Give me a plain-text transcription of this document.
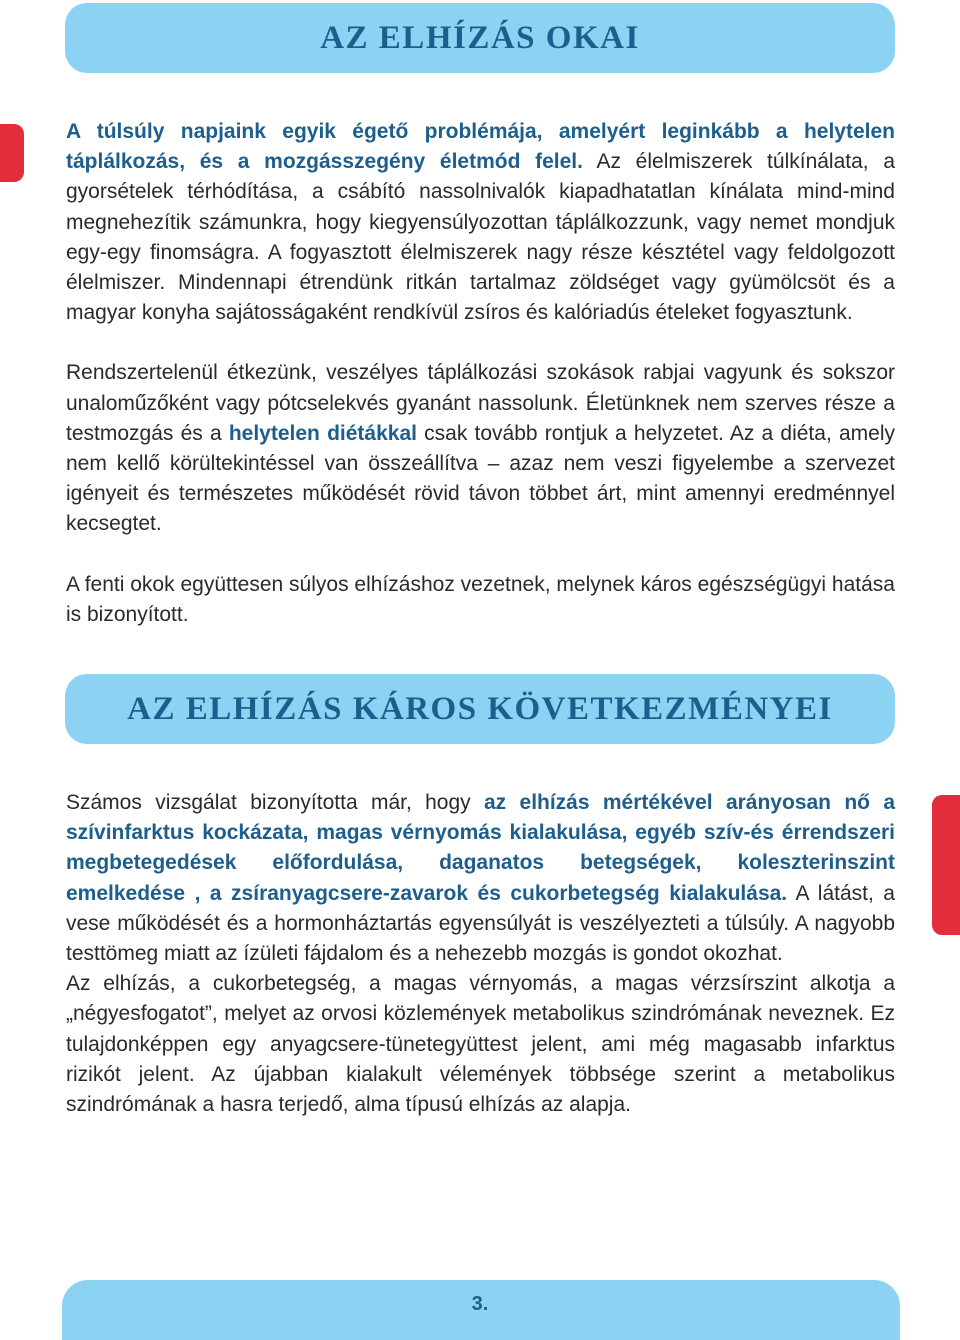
AZ ELHÍZÁS OKAI

A túlsúly napjaink egyik égető problémája, amelyért leginkább a helytelen táplálkozás, és a mozgásszegény életmód felel. Az élelmiszerek túlkínálata, a gyorsételek térhódítása, a csábító nassolnivalók kiapadhatatlan kínálata mind-mind megnehezítik számunkra, hogy kiegyensúlyozottan táplálkozzunk, vagy nemet mondjuk egy-egy finomságra. A fogyasztott élelmiszerek nagy része késztétel vagy feldolgozott élelmiszer. Mindennapi étrendünk ritkán tartalmaz zöldséget vagy gyümölcsöt és a magyar konyha sajátosságaként rendkívül zsíros és kalóriadús ételeket fogyasztunk.

Rendszertelenül étkezünk, veszélyes táplálkozási szokások rabjai vagyunk és sokszor unalomű̋zőként vagy pótcselekvés gyanánt nassolunk. Életünknek nem szerves része a testmozgás és a helytelen diétákkal csak tovább rontjuk a helyzetet. Az a diéta, amely nem kellő körültekintéssel van összeállítva – azaz nem veszi figyelembe a szervezet igényeit és természetes működését rövid távon többet árt, mint amennyi eredménnyel kecsegtet.

A fenti okok együttesen súlyos elhízáshoz vezetnek, melynek káros egészségügyi hatása is bizonyított.

AZ ELHÍZÁS KÁROS KÖVETKEZMÉNYEI

Számos vizsgálat bizonyította már, hogy az elhízás mértékével arányosan nő a szívinfarktus kockázata, magas vérnyomás kialakulása, egyéb szív-és érrendszeri megbetegedések előfordulása, daganatos betegségek, koleszterinszint emelkedése , a zsíranyagcsere-zavarok és cukorbetegség kialakulása. A látást, a vese működését és a hormonháztartás egyensúlyát is veszélyezteti a túlsúly. A nagyobb testtömeg miatt az ízületi fájdalom és a nehezebb mozgás is gondot okozhat.

Az elhízás, a cukorbetegség, a magas vérnyomás, a magas vérzsírszint alkotja a „négyesfogatot”, melyet az orvosi közlemények metabolikus szindrómának neveznek. Ez tulajdonképpen egy anyagcsere-tünetegyüttest jelent, ami még magasabb infarktus rizikót jelent. Az újabban kialakult vélemények többsége szerint a metabolikus szindrómának a hasra terjedő, alma típusú elhízás az alapja.

3.
